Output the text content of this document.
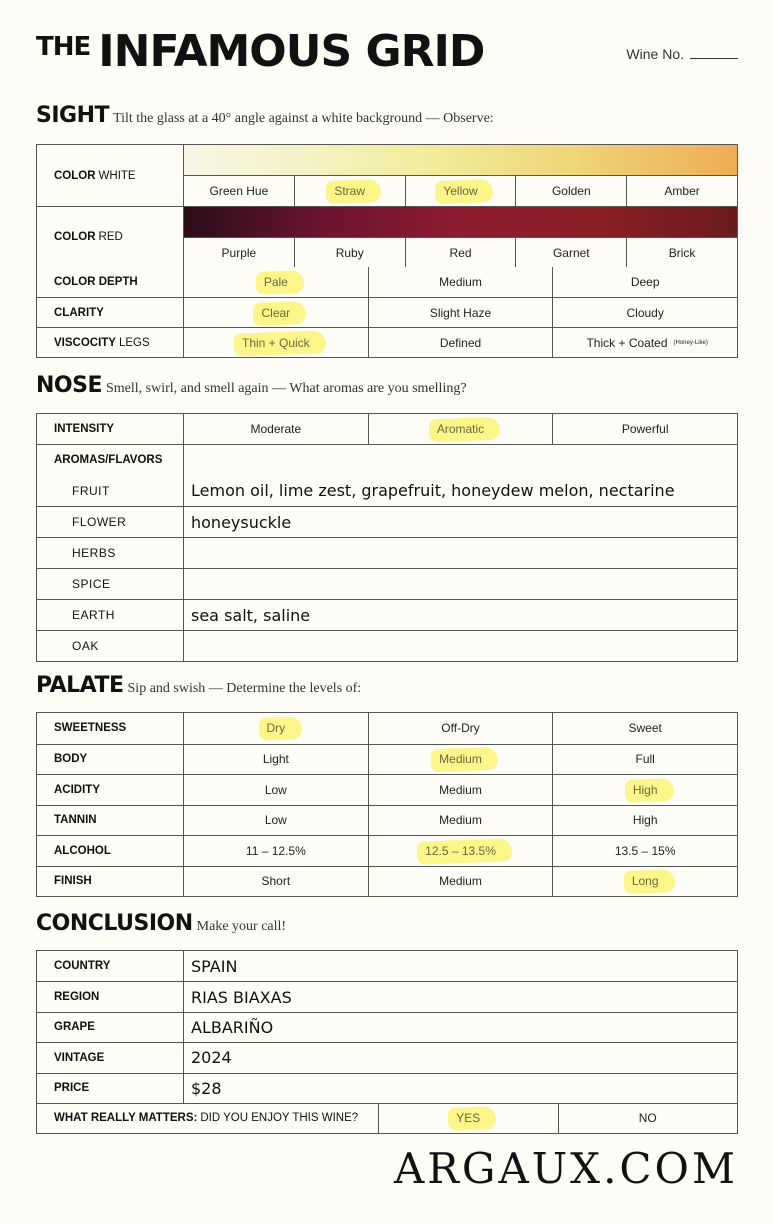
THE INFAMOUS GRID	Wine No.
SIGHT Tilt the glass at a 40° angle against a white background — Observe:
COLOR WHITE
Green Hue	Straw	Yellow	Golden	Amber
COLOR RED
Purple	Ruby	Red	Garnet	Brick
COLOR DEPTH	Pale	Medium	Deep
CLARITY	Clear	Slight Haze	Cloudy
VISCOCITY LEGS	Thin + Quick	Defined	Thick + Coated	(Honey-Like)
NOSE Smell, swirl, and smell again — What aromas are you smelling?
INTENSITY	Moderate	Aromatic	Powerful
AROMAS/FLAVORS
FRUIT	Lemon oil, lime zest, grapefruit, honeydew melon, nectarine
FLOWER	honeysuckle
HERBS
SPICE
EARTH	sea salt, saline
OAK
PALATE Sip and swish — Determine the levels of:
SWEETNESS	Dry	Off-Dry	Sweet
BODY	Light	Medium	Full
ACIDITY	Low	Medium	High
TANNIN	Low	Medium	High
ALCOHOL	11 – 12.5%	12.5 – 13.5%	13.5 – 15%
FINISH	Short	Medium	Long
CONCLUSION Make your call!
COUNTRY	SPAIN
REGION	RIAS BIAXAS
GRAPE	ALBARIÑO
VINTAGE	2024
PRICE	$28
WHAT REALLY MATTERS: DID YOU ENJOY THIS WINE?	YES	NO
ARGAUX.COM
